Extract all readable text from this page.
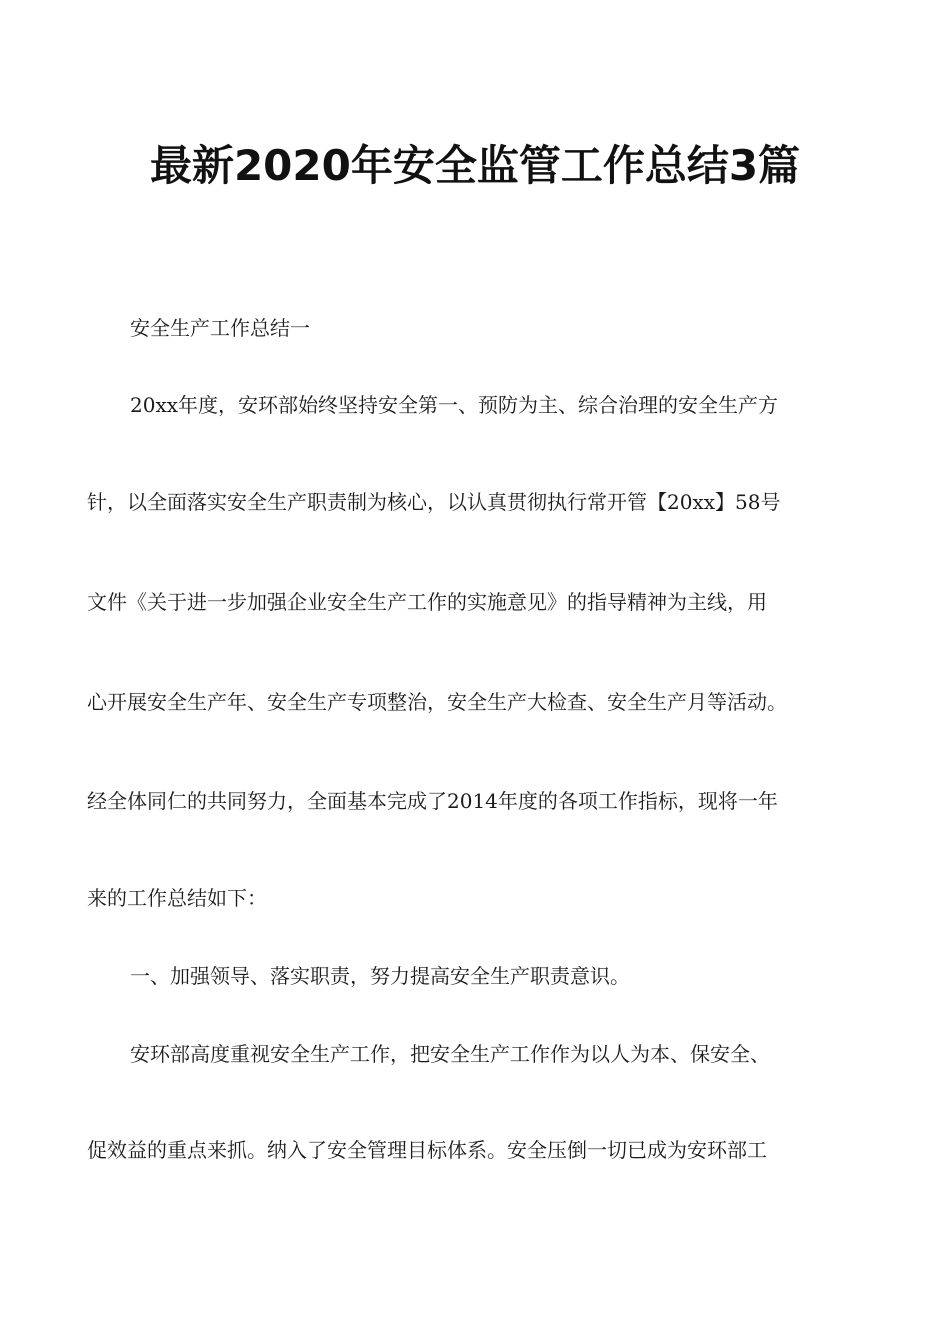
最新2020年安全监管工作总结3篇
安全生产工作总结一
20xx年度，安环部始终坚持安全第一、预防为主、综合治理的安全生产方
针，以全面落实安全生产职责制为核心，以认真贯彻执行常开管【20xx】58号
文件《关于进一步加强企业安全生产工作的实施意见》的指导精神为主线，用
心开展安全生产年、安全生产专项整治，安全生产大检查、安全生产月等活动。
经全体同仁的共同努力，全面基本完成了2014年度的各项工作指标，现将一年
来的工作总结如下：
一、加强领导、落实职责，努力提高安全生产职责意识。
安环部高度重视安全生产工作，把安全生产工作作为以人为本、保安全、
促效益的重点来抓。纳入了安全管理目标体系。安全压倒一切已成为安环部工
